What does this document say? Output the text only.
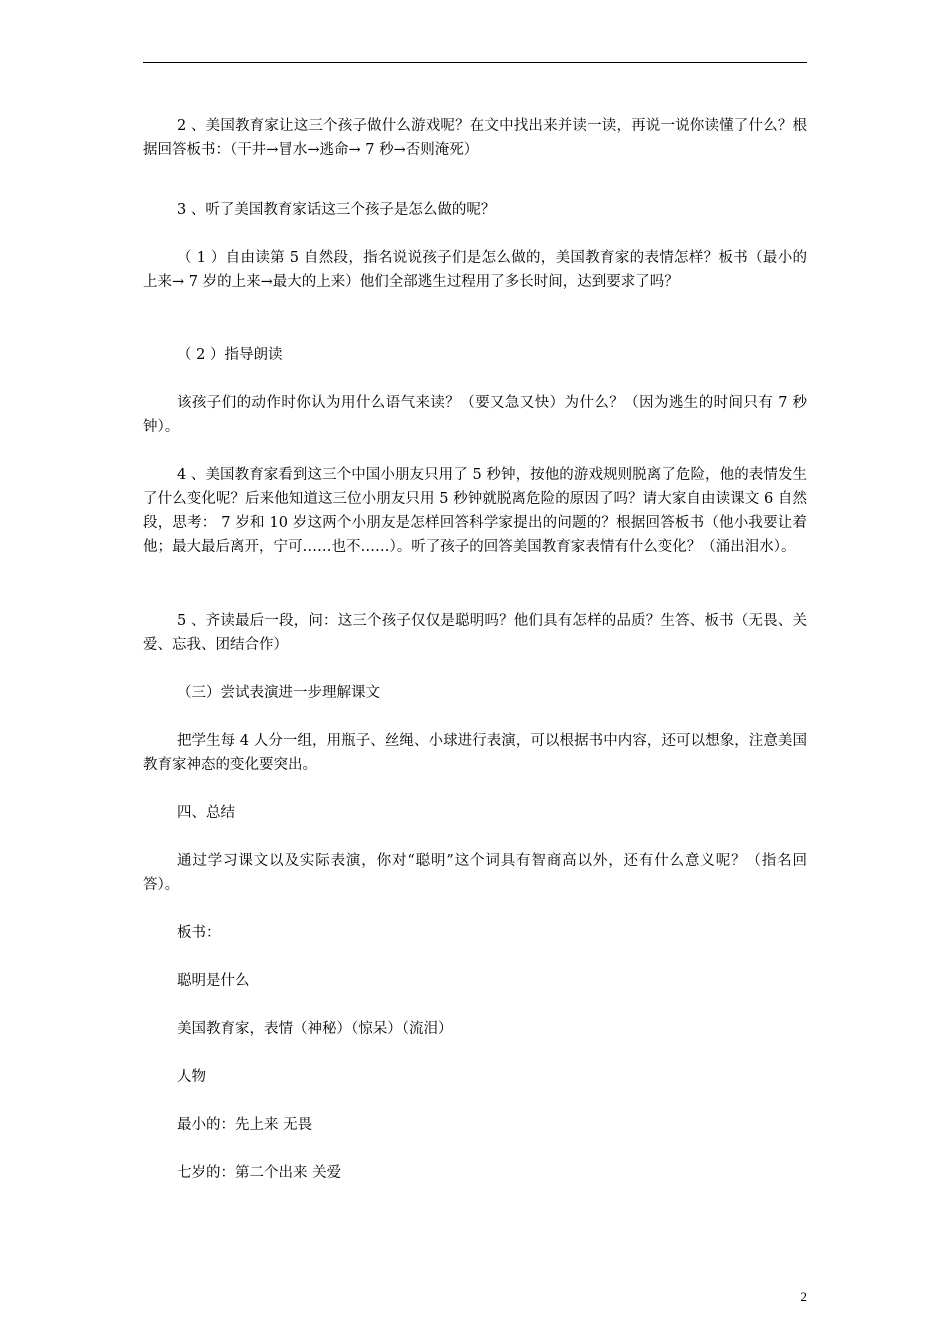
2 、美国教育家让这三个孩子做什么游戏呢？在文中找出来并读一读，再说一说你读懂了什么？根据回答板书：（干井→冒水→逃命→ 7 秒→否则淹死）

3 、听了美国教育家话这三个孩子是怎么做的呢？

（ 1 ）自由读第 5 自然段，指名说说孩子们是怎么做的，美国教育家的表情怎样？板书（最小的上来→ 7 岁的上来→最大的上来）他们全部逃生过程用了多长时间，达到要求了吗？

（ 2 ）指导朗读

该孩子们的动作时你认为用什么语气来读？（要又急又快）为什么？（因为逃生的时间只有 7 秒钟）。

4 、美国教育家看到这三个中国小朋友只用了 5 秒钟，按他的游戏规则脱离了危险，他的表情发生了什么变化呢？后来他知道这三位小朋友只用 5 秒钟就脱离危险的原因了吗？请大家自由读课文 6 自然段，思考： 7 岁和 10 岁这两个小朋友是怎样回答科学家提出的问题的？根据回答板书（他小我要让着他；最大最后离开，宁可……也不……）。听了孩子的回答美国教育家表情有什么变化？（涌出泪水）。

5 、齐读最后一段，问：这三个孩子仅仅是聪明吗？他们具有怎样的品质？生答、板书（无畏、关爱、忘我、团结合作）

（三）尝试表演进一步理解课文

把学生每 4 人分一组，用瓶子、丝绳、小球进行表演，可以根据书中内容，还可以想象，注意美国教育家神态的变化要突出。

四、总结

通过学习课文以及实际表演，你对“聪明”这个词具有智商高以外，还有什么意义呢？（指名回答）。

板书：

聪明是什么

美国教育家，表情（神秘）（惊呆）（流泪）

人物

最小的：先上来 无畏

七岁的：第二个出来 关爱

2
